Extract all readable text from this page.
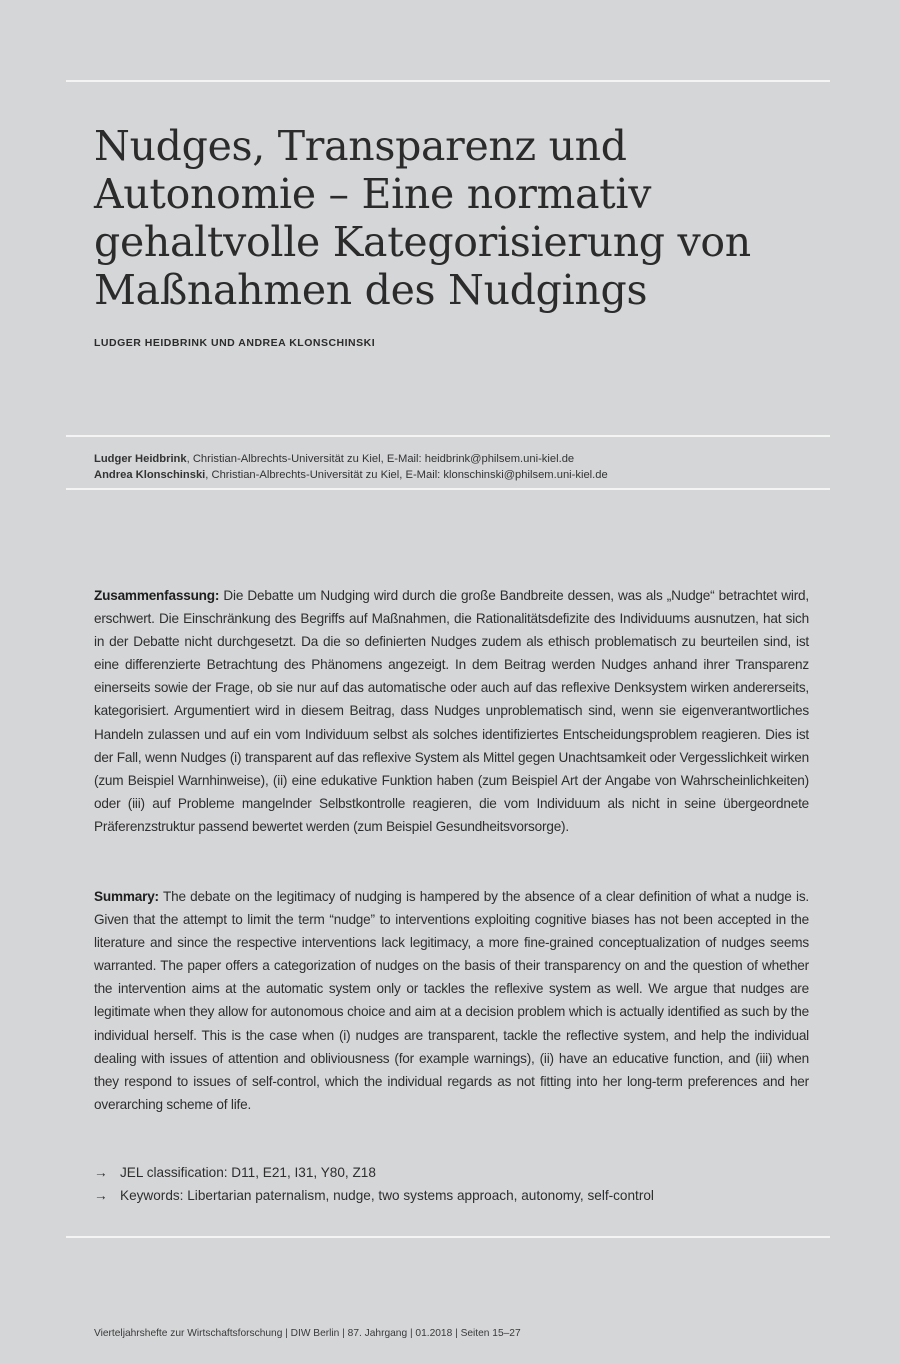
Nudges, Transparenz und Autonomie – Eine normativ gehaltvolle Kategorisierung von Maßnahmen des Nudgings
LUDGER HEIDBRINK UND ANDREA KLONSCHINSKI
Ludger Heidbrink, Christian-Albrechts-Universität zu Kiel, E-Mail: heidbrink@philsem.uni-kiel.de
Andrea Klonschinski, Christian-Albrechts-Universität zu Kiel, E-Mail: klonschinski@philsem.uni-kiel.de

Zusammenfassung: Die Debatte um Nudging wird durch die große Bandbreite dessen, was als „Nudge“ betrachtet wird, erschwert. Die Einschränkung des Begriffs auf Maßnahmen, die Rationalitätsdefizite des Individuums ausnutzen, hat sich in der Debatte nicht durchgesetzt. Da die so definierten Nudges zudem als ethisch problematisch zu beurteilen sind, ist eine differenzierte Betrachtung des Phänomens angezeigt. In dem Beitrag werden Nudges anhand ihrer Transparenz einerseits sowie der Frage, ob sie nur auf das automatische oder auch auf das reflexive Denksystem wirken andererseits, kategorisiert. Argumentiert wird in diesem Beitrag, dass Nudges unproblematisch sind, wenn sie eigenverantwortliches Handeln zulassen und auf ein vom Individuum selbst als solches identifiziertes Entscheidungsproblem reagieren. Dies ist der Fall, wenn Nudges (i) transparent auf das reflexive System als Mittel gegen Unachtsamkeit oder Vergesslichkeit wirken (zum Beispiel Warnhinweise), (ii) eine edukative Funktion haben (zum Beispiel Art der Angabe von Wahrscheinlichkeiten) oder (iii) auf Probleme mangelnder Selbstkontrolle reagieren, die vom Individuum als nicht in seine übergeordnete Präferenzstruktur passend bewertet werden (zum Beispiel Gesundheitsvorsorge).

Summary: The debate on the legitimacy of nudging is hampered by the absence of a clear definition of what a nudge is. Given that the attempt to limit the term “nudge” to interventions exploiting cognitive biases has not been accepted in the literature and since the respective interventions lack legitimacy, a more fine-grained conceptualization of nudges seems warranted. The paper offers a categorization of nudges on the basis of their transparency on and the question of whether the intervention aims at the automatic system only or tackles the reflexive system as well. We argue that nudges are legitimate when they allow for autonomous choice and aim at a decision problem which is actually identified as such by the individual herself. This is the case when (i) nudges are transparent, tackle the reflective system, and help the individual dealing with issues of attention and obliviousness (for example warnings), (ii) have an educative function, and (iii) when they respond to issues of self-control, which the individual regards as not fitting into her long-term preferences and her overarching scheme of life.

→ JEL classification: D11, E21, I31, Y80, Z18
→ Keywords: Libertarian paternalism, nudge, two systems approach, autonomy, self-control
Vierteljahrshefte zur Wirtschaftsforschung | DIW Berlin | 87. Jahrgang | 01.2018 | Seiten 15–27
